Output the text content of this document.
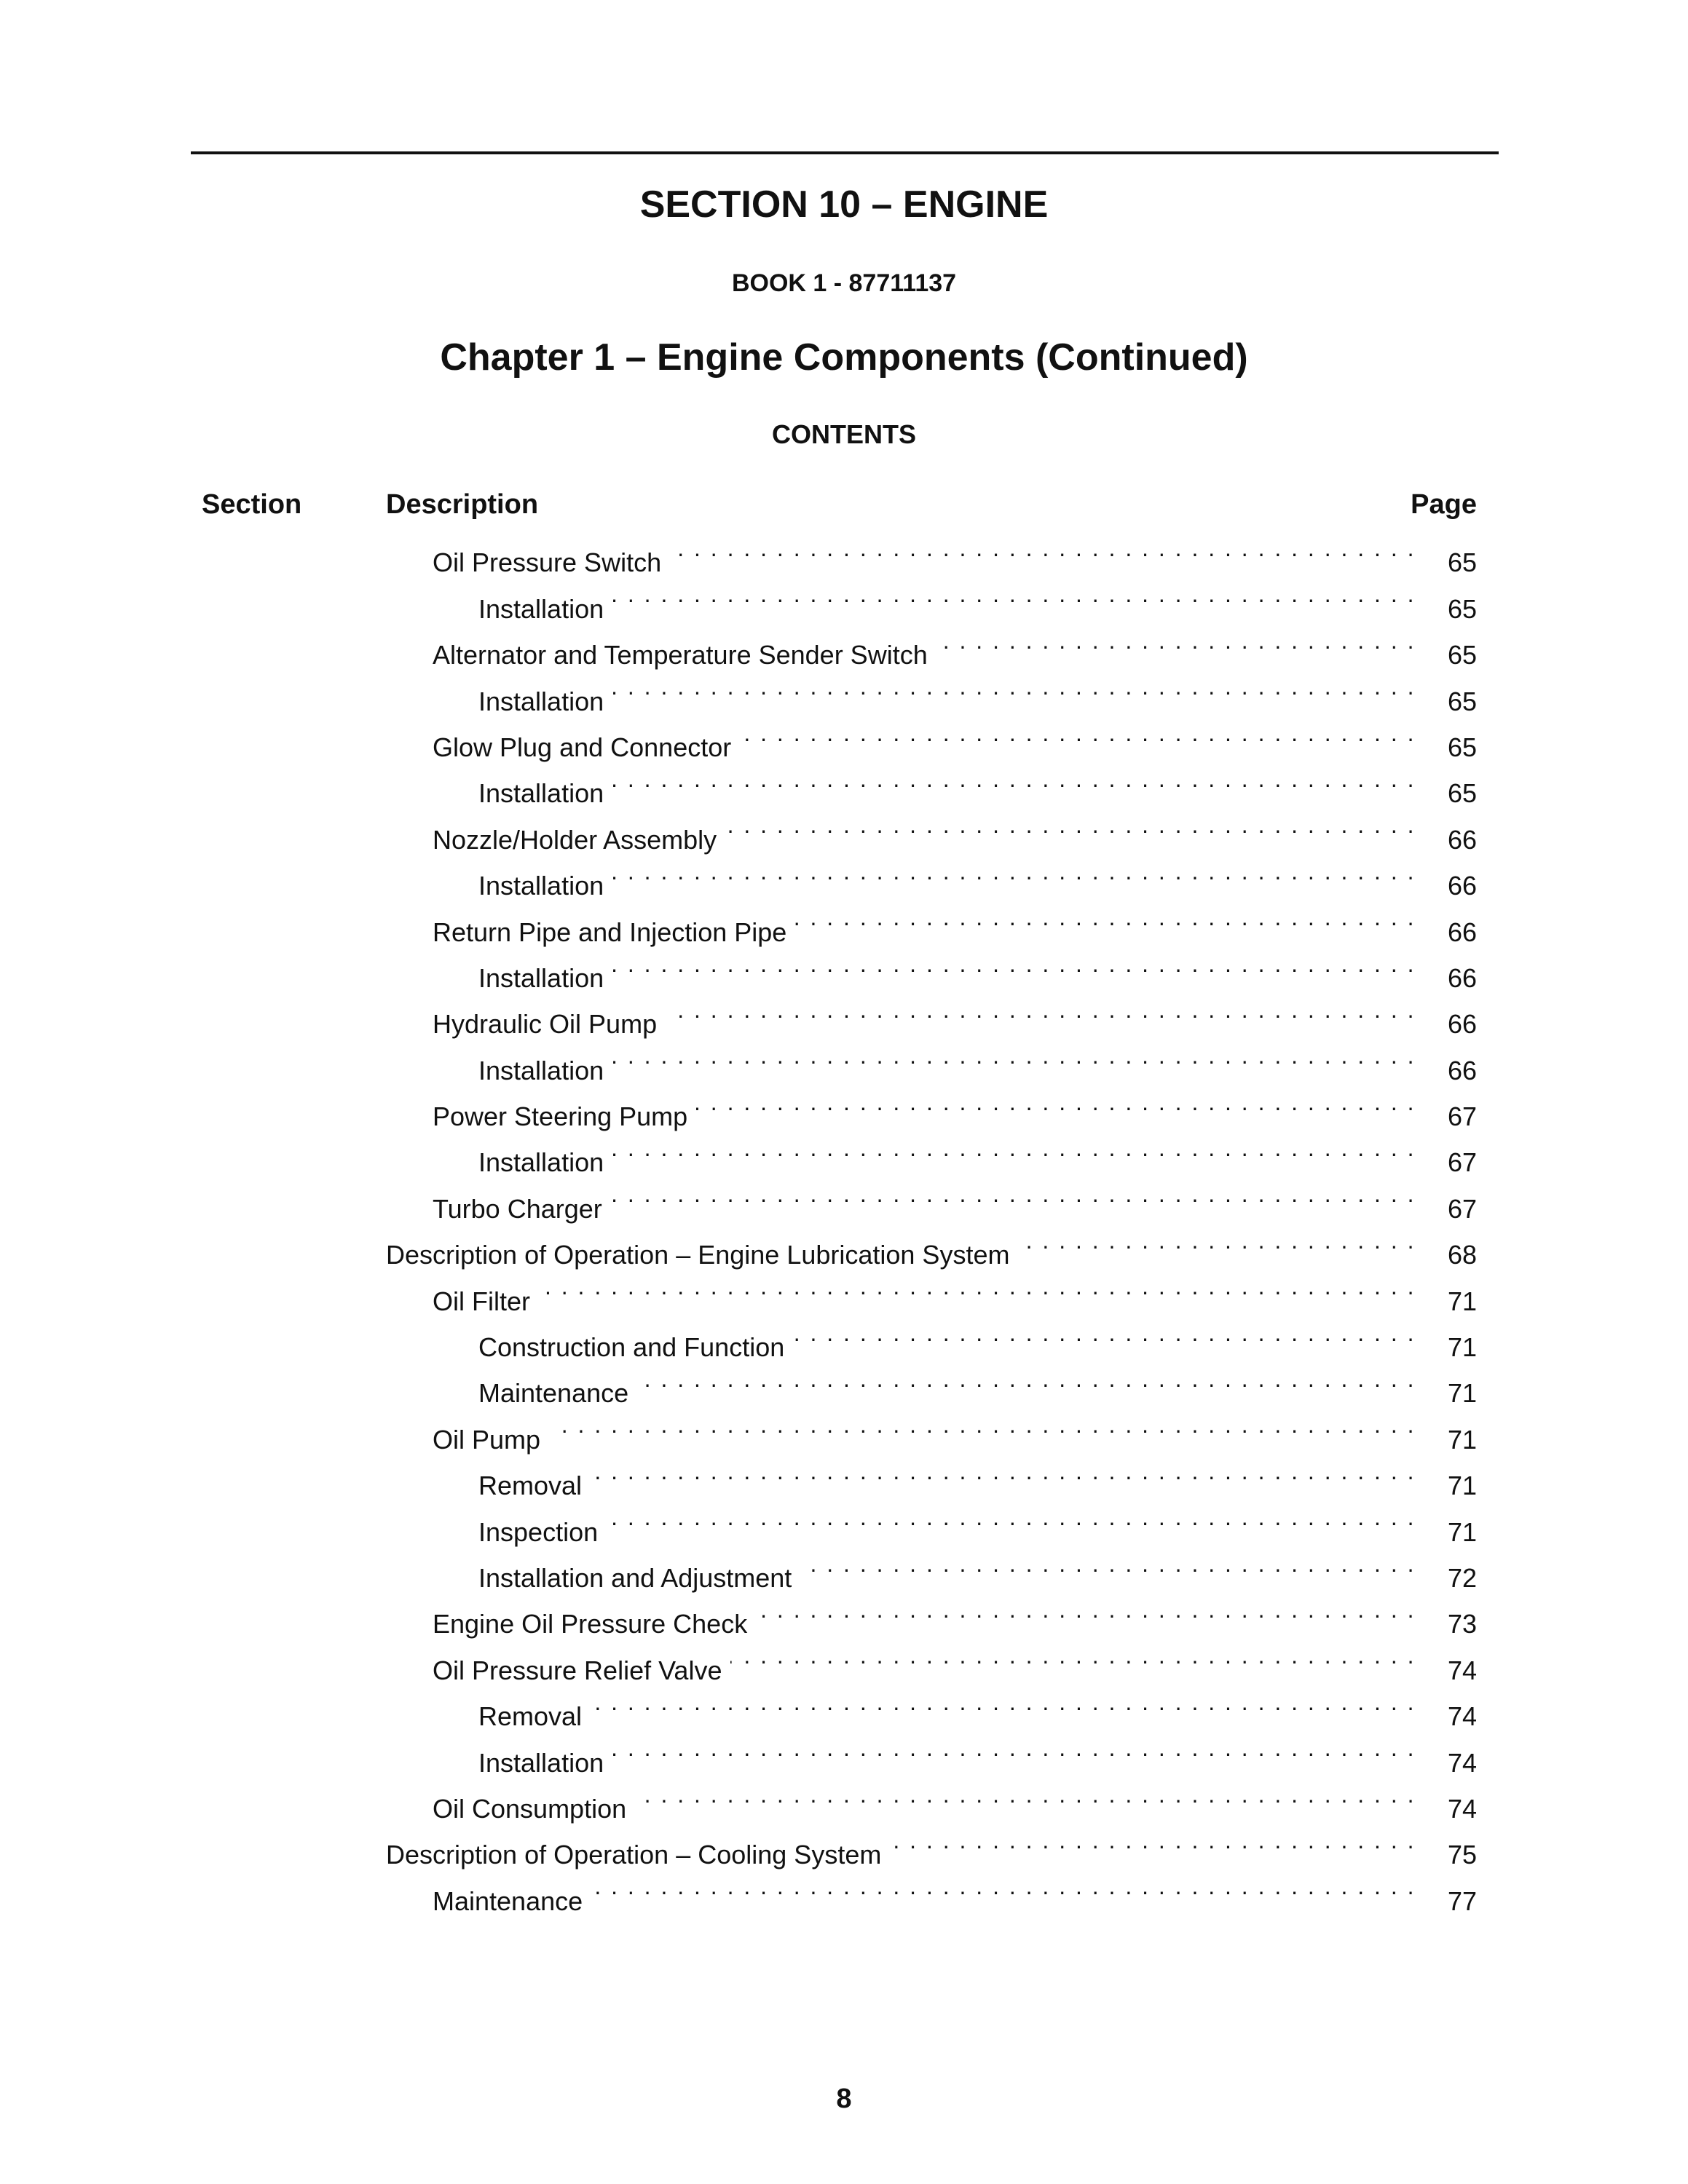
SECTION 10 – ENGINE
BOOK 1 - 87711137
Chapter 1 – Engine Components (Continued)
CONTENTS
Section	Description	Page
Oil Pressure Switch . . .	65
Installation . . .	65
Alternator and Temperature Sender Switch . . .	65
Installation . . .	65
Glow Plug and Connector . . .	65
Installation . . .	65
Nozzle/Holder Assembly . . .	66
Installation . . .	66
Return Pipe and Injection Pipe . . .	66
Installation . . .	66
Hydraulic Oil Pump . . .	66
Installation . . .	66
Power Steering Pump . . .	67
Installation . . .	67
Turbo Charger . . .	67
Description of Operation – Engine Lubrication System . . .	68
Oil Filter . . .	71
Construction and Function . . .	71
Maintenance . . .	71
Oil Pump . . .	71
Removal . . .	71
Inspection . . .	71
Installation and Adjustment . . .	72
Engine Oil Pressure Check . . .	73
Oil Pressure Relief Valve . . .	74
Removal . . .	74
Installation . . .	74
Oil Consumption . . .	74
Description of Operation – Cooling System . . .	75
Maintenance . . .	77
8
